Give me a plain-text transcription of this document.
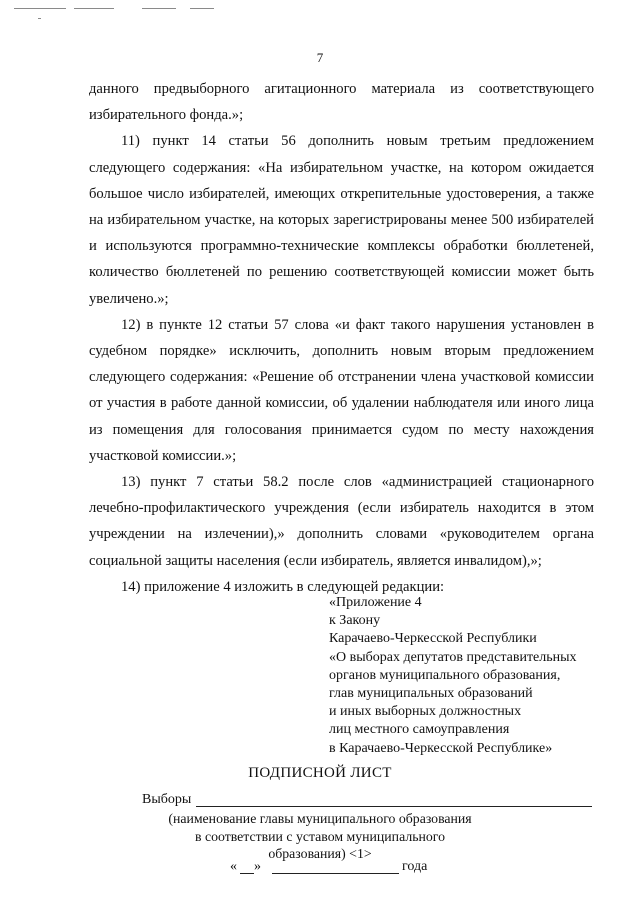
7

данного предвыборного агитационного материала из соответствующего избирательного фонда.»;

11) пункт 14 статьи 56 дополнить новым третьим предложением следующего содержания: «На избирательном участке, на котором ожидается большое число избирателей, имеющих открепительные удостоверения, а также на избирательном участке, на которых зарегистрированы менее 500 избирателей и используются программно-технические комплексы обработки бюллетеней, количество бюллетеней по решению соответствующей комиссии может быть увеличено.»;

12) в пункте 12 статьи 57 слова «и факт такого нарушения установлен в судебном порядке» исключить, дополнить новым вторым предложением следующего содержания: «Решение об отстранении члена участковой комиссии от участия в работе данной комиссии, об удалении наблюдателя или иного лица из помещения для голосования принимается судом по месту нахождения участковой комиссии.»;

13) пункт 7 статьи 58.2 после слов «администрацией стационарного лечебно-профилактического учреждения (если избиратель находится в этом учреждении на излечении),» дополнить словами «руководителем органа социальной защиты населения (если избиратель, является инвалидом),»;

14) приложение 4 изложить в следующей редакции:

«Приложение 4
к Закону
Карачаево-Черкесской Республики
«О выборах депутатов представительных
органов муниципального образования,
глав муниципальных образований
и иных выборных должностных
лиц местного самоуправления
в Карачаево-Черкесской Республике»
ПОДПИСНОЙ ЛИСТ
Выборы
(наименование главы муниципального образования
в соответствии с уставом муниципального
образования) <1>
« »	года
